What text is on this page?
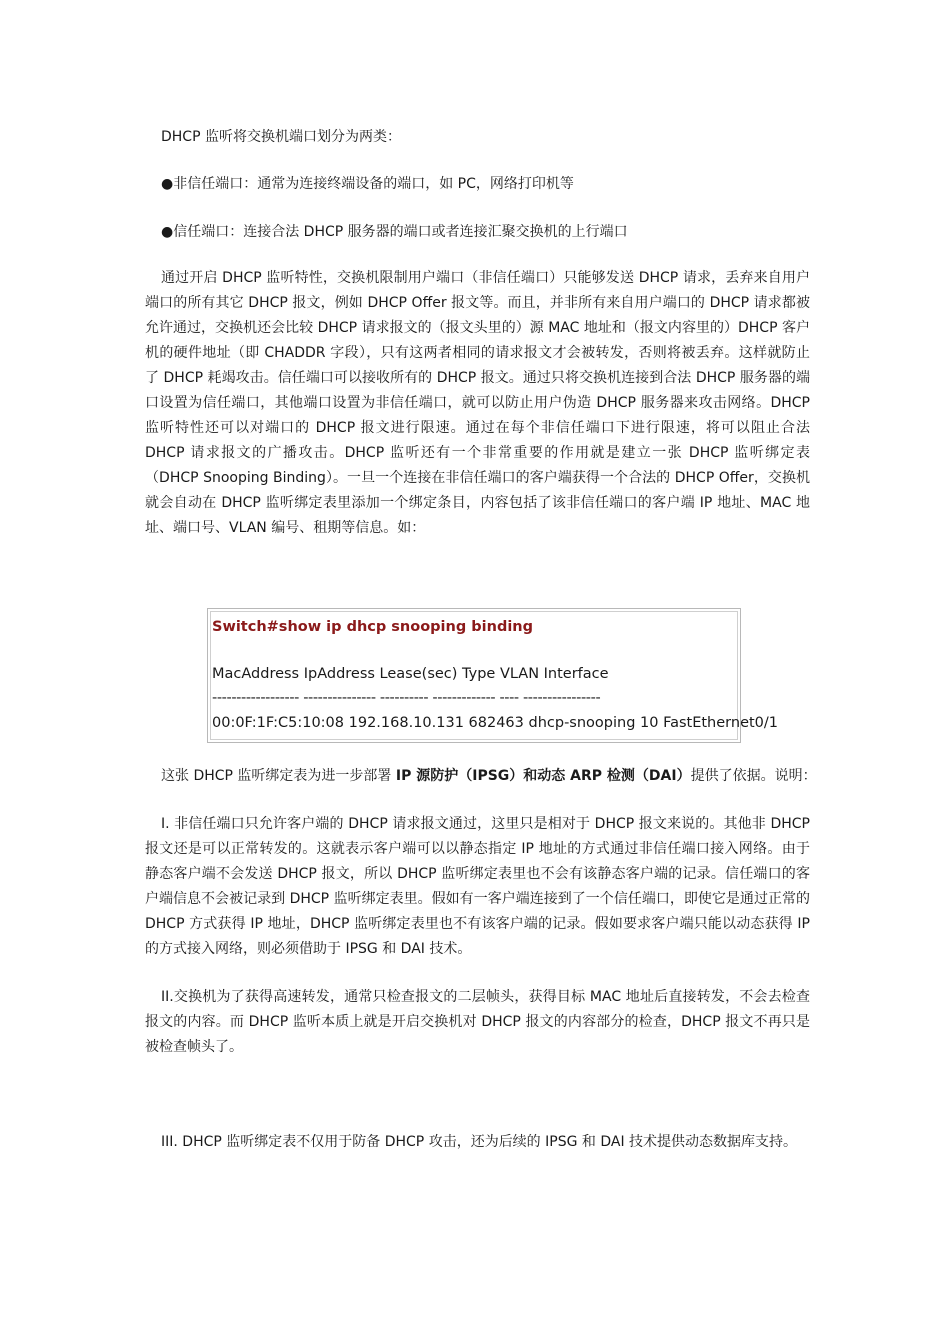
DHCP 监听将交换机端口划分为两类：
●非信任端口：通常为连接终端设备的端口，如 PC，网络打印机等
●信任端口：连接合法 DHCP 服务器的端口或者连接汇聚交换机的上行端口
通过开启 DHCP 监听特性，交换机限制用户端口（非信任端口）只能够发送 DHCP 请求，丢弃来自用户端口的所有其它 DHCP 报文，例如 DHCP Offer 报文等。而且，并非所有来自用户端口的 DHCP 请求都被允许通过，交换机还会比较 DHCP 请求报文的（报文头里的）源 MAC 地址和（报文内容里的）DHCP 客户机的硬件地址（即 CHADDR 字段），只有这两者相同的请求报文才会被转发，否则将被丢弃。这样就防止了 DHCP 耗竭攻击。信任端口可以接收所有的 DHCP 报文。通过只将交换机连接到合法 DHCP 服务器的端口设置为信任端口，其他端口设置为非信任端口，就可以防止用户伪造 DHCP 服务器来攻击网络。DHCP 监听特性还可以对端口的 DHCP 报文进行限速。通过在每个非信任端口下进行限速，将可以阻止合法 DHCP 请求报文的广播攻击。DHCP 监听还有一个非常重要的作用就是建立一张 DHCP 监听绑定表（DHCP Snooping Binding）。一旦一个连接在非信任端口的客户端获得一个合法的 DHCP Offer，交换机就会自动在 DHCP 监听绑定表里添加一个绑定条目，内容包括了该非信任端口的客户端 IP 地址、MAC 地址、端口号、VLAN 编号、租期等信息。如：
这张 DHCP 监听绑定表为进一步部署 IP 源防护（IPSG）和动态 ARP 检测（DAI）提供了依据。说明：
I. 非信任端口只允许客户端的 DHCP 请求报文通过，这里只是相对于 DHCP 报文来说的。其他非 DHCP 报文还是可以正常转发的。这就表示客户端可以以静态指定 IP 地址的方式通过非信任端口接入网络。由于静态客户端不会发送 DHCP 报文，所以 DHCP 监听绑定表里也不会有该静态客户端的记录。信任端口的客户端信息不会被记录到 DHCP 监听绑定表里。假如有一客户端连接到了一个信任端口，即使它是通过正常的 DHCP 方式获得 IP 地址，DHCP 监听绑定表里也不有该客户端的记录。假如要求客户端只能以动态获得 IP 的方式接入网络，则必须借助于 IPSG 和 DAI 技术。
II.交换机为了获得高速转发，通常只检查报文的二层帧头，获得目标 MAC 地址后直接转发，不会去检查报文的内容。而 DHCP 监听本质上就是开启交换机对 DHCP 报文的内容部分的检查，DHCP 报文不再只是被检查帧头了。
III. DHCP 监听绑定表不仅用于防备 DHCP 攻击，还为后续的 IPSG 和 DAI 技术提供动态数据库支持。
Switch#show ip dhcp snooping binding
MacAddress IpAddress Lease(sec) Type VLAN Interface
------------------ --------------- ---------- ------------- ---- ----------------
00:0F:1F:C5:10:08 192.168.10.131 682463 dhcp-snooping 10 FastEthernet0/1
